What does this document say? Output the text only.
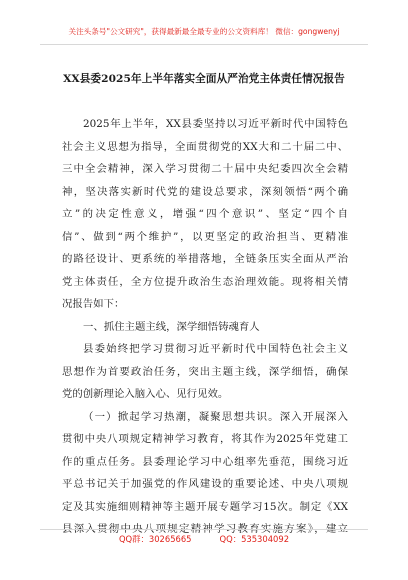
关注头条号"公文研究"，获得最新最全最专业的公文资料库！ 微信：gongwenyj
XX县委2025年上半年落实全面从严治党主体责任情况报告
2025年上半年，XX县委坚持以习近平新时代中国特色
社会主义思想为指导，全面贯彻党的XX大和二十届二中、
三中全会精神，深入学习贯彻二十届中央纪委四次全会精
神，坚决落实新时代党的建设总要求，深刻领悟“两个确
立”的决定性意义，增强“四个意识”、坚定“四个自
信”、做到“两个维护”，以更坚定的政治担当、更精准
的路径设计、更系统的举措落地，全链条压实全面从严治
党主体责任，全方位提升政治生态治理效能。现将相关情
况报告如下：
一、抓住主题主线，深学细悟铸魂育人
县委始终把学习贯彻习近平新时代中国特色社会主义
思想作为首要政治任务，突出主题主线，深学细悟，确保
党的创新理论入脑入心、见行见效。
（一）掀起学习热潮，凝聚思想共识。深入开展深入
贯彻中央八项规定精神学习教育，将其作为2025年党建工
作的重点任务。县委理论学习中心组率先垂范，围绕习近
平总书记关于加强党的作风建设的重要论述、中央八项规
定及其实施细则精神等主题开展专题学习15次。制定《XX
县深入贯彻中央八项规定精神学习教育实施方案》，建立
QQ群：30265665	QQ：535304092
